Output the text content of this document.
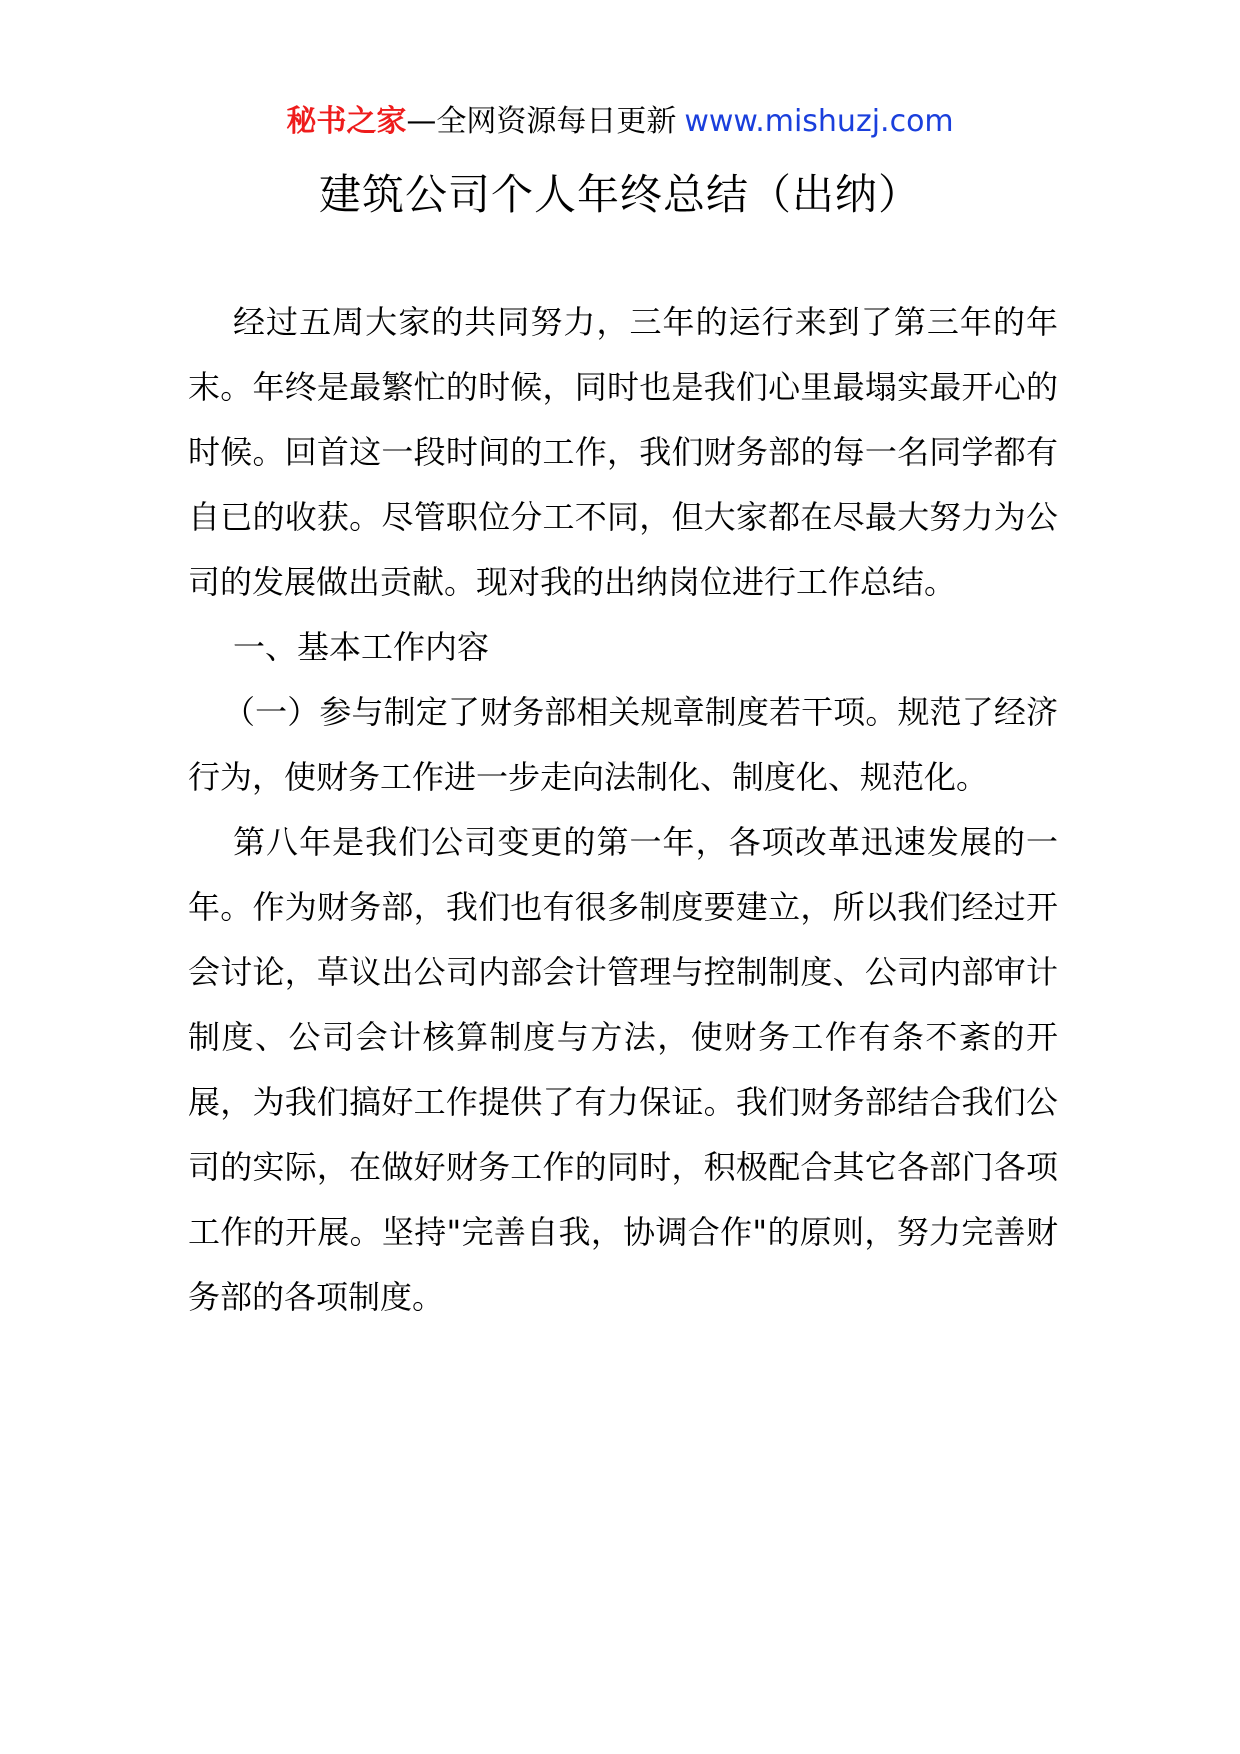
秘书之家—全网资源每日更新 www.mishuzj.com
建筑公司个人年终总结（出纳）

经过五周大家的共同努力，三年的运行来到了第三年的年末。年终是最繁忙的时候，同时也是我们心里最塌实最开心的时候。回首这一段时间的工作，我们财务部的每一名同学都有自已的收获。尽管职位分工不同，但大家都在尽最大努力为公司的发展做出贡献。现对我的出纳岗位进行工作总结。

一、基本工作内容

（一）参与制定了财务部相关规章制度若干项。规范了经济行为，使财务工作进一步走向法制化、制度化、规范化。

第八年是我们公司变更的第一年，各项改革迅速发展的一年。作为财务部，我们也有很多制度要建立，所以我们经过开会讨论，草议出公司内部会计管理与控制制度、公司内部审计制度、公司会计核算制度与方法，使财务工作有条不紊的开展，为我们搞好工作提供了有力保证。我们财务部结合我们公司的实际，在做好财务工作的同时，积极配合其它各部门各项工作的开展。坚持"完善自我，协调合作"的原则，努力完善财务部的各项制度。
